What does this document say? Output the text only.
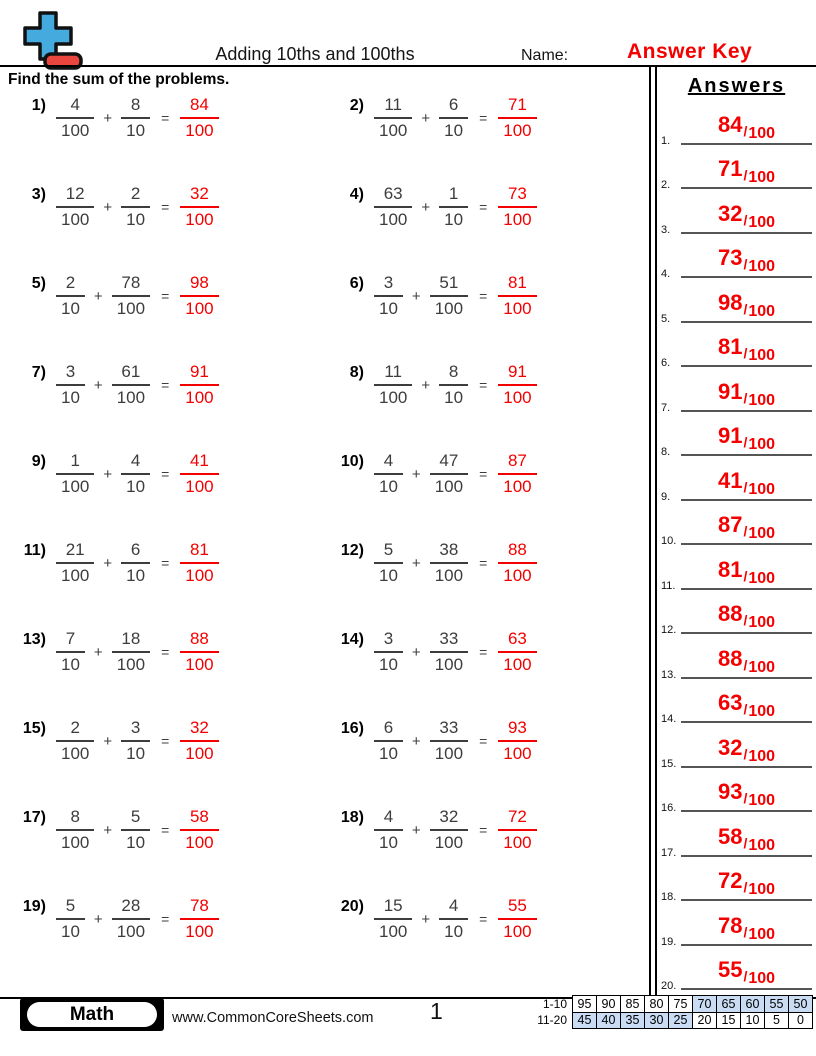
Adding 10ths and 100ths	Name:	Answer Key
Find the sum of the problems.
$1) \frac{4}{100} + \frac{8}{10} = \frac{84}{100}$	$2) \frac{11}{100} + \frac{6}{10} = \frac{71}{100}$
$3) \frac{12}{100} + \frac{2}{10} = \frac{32}{100}$	$4) \frac{63}{100} + \frac{1}{10} = \frac{73}{100}$
$5) \frac{2}{10} + \frac{78}{100} = \frac{98}{100}$	$6) \frac{3}{10} + \frac{51}{100} = \frac{81}{100}$
$7) \frac{3}{10} + \frac{61}{100} = \frac{91}{100}$	$8) \frac{11}{100} + \frac{8}{10} = \frac{91}{100}$
$9) \frac{1}{100} + \frac{4}{10} = \frac{41}{100}$	$10) \frac{4}{10} + \frac{47}{100} = \frac{87}{100}$
$11) \frac{21}{100} + \frac{6}{10} = \frac{81}{100}$	$12) \frac{5}{10} + \frac{38}{100} = \frac{88}{100}$
$13) \frac{7}{10} + \frac{18}{100} = \frac{88}{100}$	$14) \frac{3}{10} + \frac{33}{100} = \frac{63}{100}$
$15) \frac{2}{100} + \frac{3}{10} = \frac{32}{100}$	$16) \frac{6}{10} + \frac{33}{100} = \frac{93}{100}$
$17) \frac{8}{100} + \frac{5}{10} = \frac{58}{100}$	$18) \frac{4}{10} + \frac{32}{100} = \frac{72}{100}$
$19) \frac{5}{10} + \frac{28}{100} = \frac{78}{100}$	$20) \frac{15}{100} + \frac{4}{10} = \frac{55}{100}$
Answers
1.
84/100
2.
71/100
3.
32/100
4.
73/100
5.
98/100
6.
81/100
7.
91/100
8.
91/100
9.
41/100
10.
87/100
11.
81/100
12.
88/100
13.
88/100
14.
63/100
15.
32/100
16.
93/100
17.
58/100
18.
72/100
19.
78/100
20.
55/100
Math	www.CommonCoreSheets.com 1	1-10	95	90	85	80	75	70	65	60	55	50
11-20	45	40	35	30	25	20	15	10	5	0
